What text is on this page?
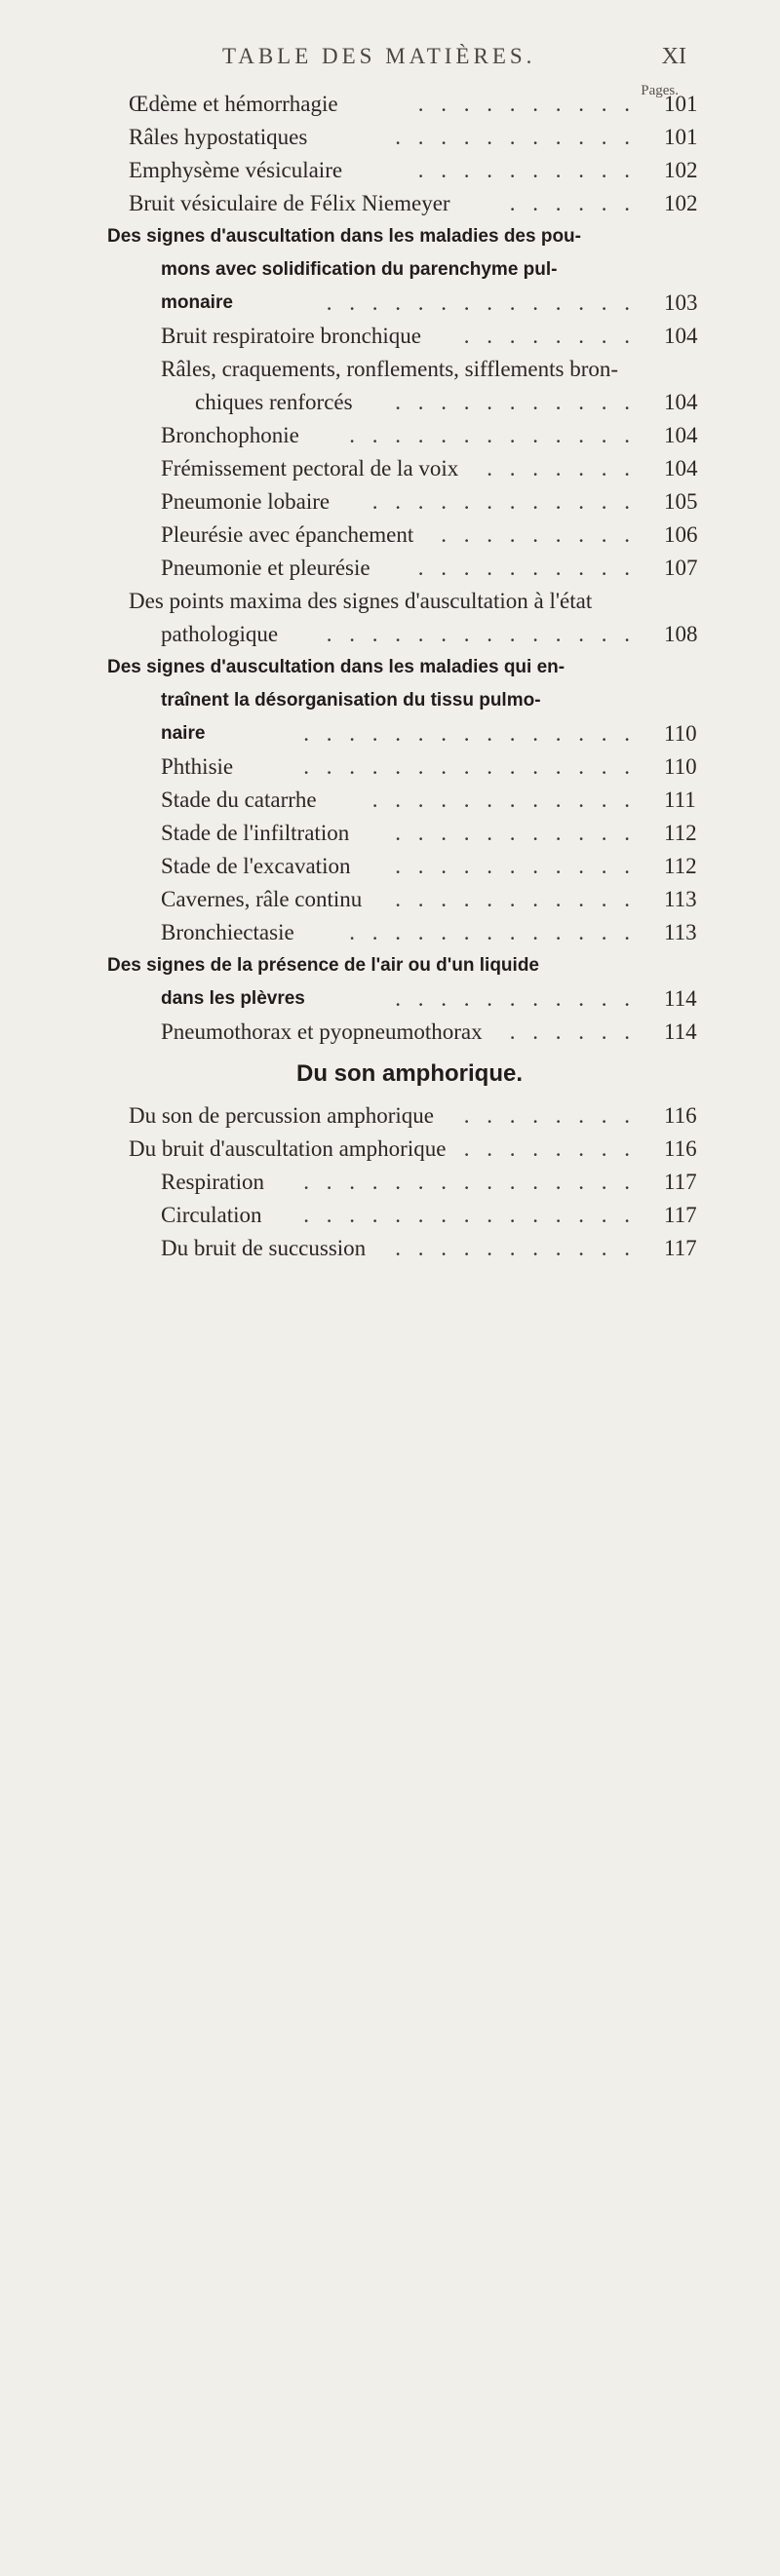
TABLE DES MATIÈRES.	XI
Pages.
Œdème et hémorrhagie	. . . . . . . . . . 101
Râles hypostatiques	. . . . . . . . . . . 101
Emphysème vésiculaire	. . . . . . . . . . 102
Bruit vésiculaire de Félix Niemeyer	. . . . . . 102
Des signes d'auscultation dans les maladies des pou-
mons avec solidification du parenchyme pul-
monaire	. . . . . . . . . . . . . . 103
Bruit respiratoire bronchique . . . . . . . . 104
Râles, craquements, ronflements, sifflements bron-
chiques renforcés . . . . . . . . . . . 104
Bronchophonie . . . . . . . . . . . . . 104
Frémissement pectoral de la voix . . . . . . . 104
Pneumonie lobaire . . . . . . . . . . . . 105
Pleurésie avec épanchement . . . . . . . . . 106
Pneumonie et pleurésie . . . . . . . . . . 107
Des points maxima des signes d'auscultation à l'état
pathologique . . . . . . . . . . . . . . 108
Des signes d'auscultation dans les maladies qui en-
traînent la désorganisation du tissu pulmo-
naire	. . . . . . . . . . . . . . . 110
Phthisie	. . . . . . . . . . . . . . . 110
Stade du catarrhe . . . . . . . . . . . . 111
Stade de l'infiltration . . . . . . . . . . . 112
Stade de l'excavation . . . . . . . . . . . 112
Cavernes, râle continu . . . . . . . . . . . 113
Bronchiectasie . . . . . . . . . . . . . 113
Des signes de la présence de l'air ou d'un liquide
dans les plèvres	. . . . . . . . . . . 114
Pneumothorax et pyopneumothorax . . . . . . 114
Du son amphorique.
Du son de percussion amphorique . . . . . . . . 116
Du bruit d'auscultation amphorique . . . . . . . . 116
Respiration . . . . . . . . . . . . . . . 117
Circulation . . . . . . . . . . . . . . . 117
Du bruit de succussion . . . . . . . . . . . 117
